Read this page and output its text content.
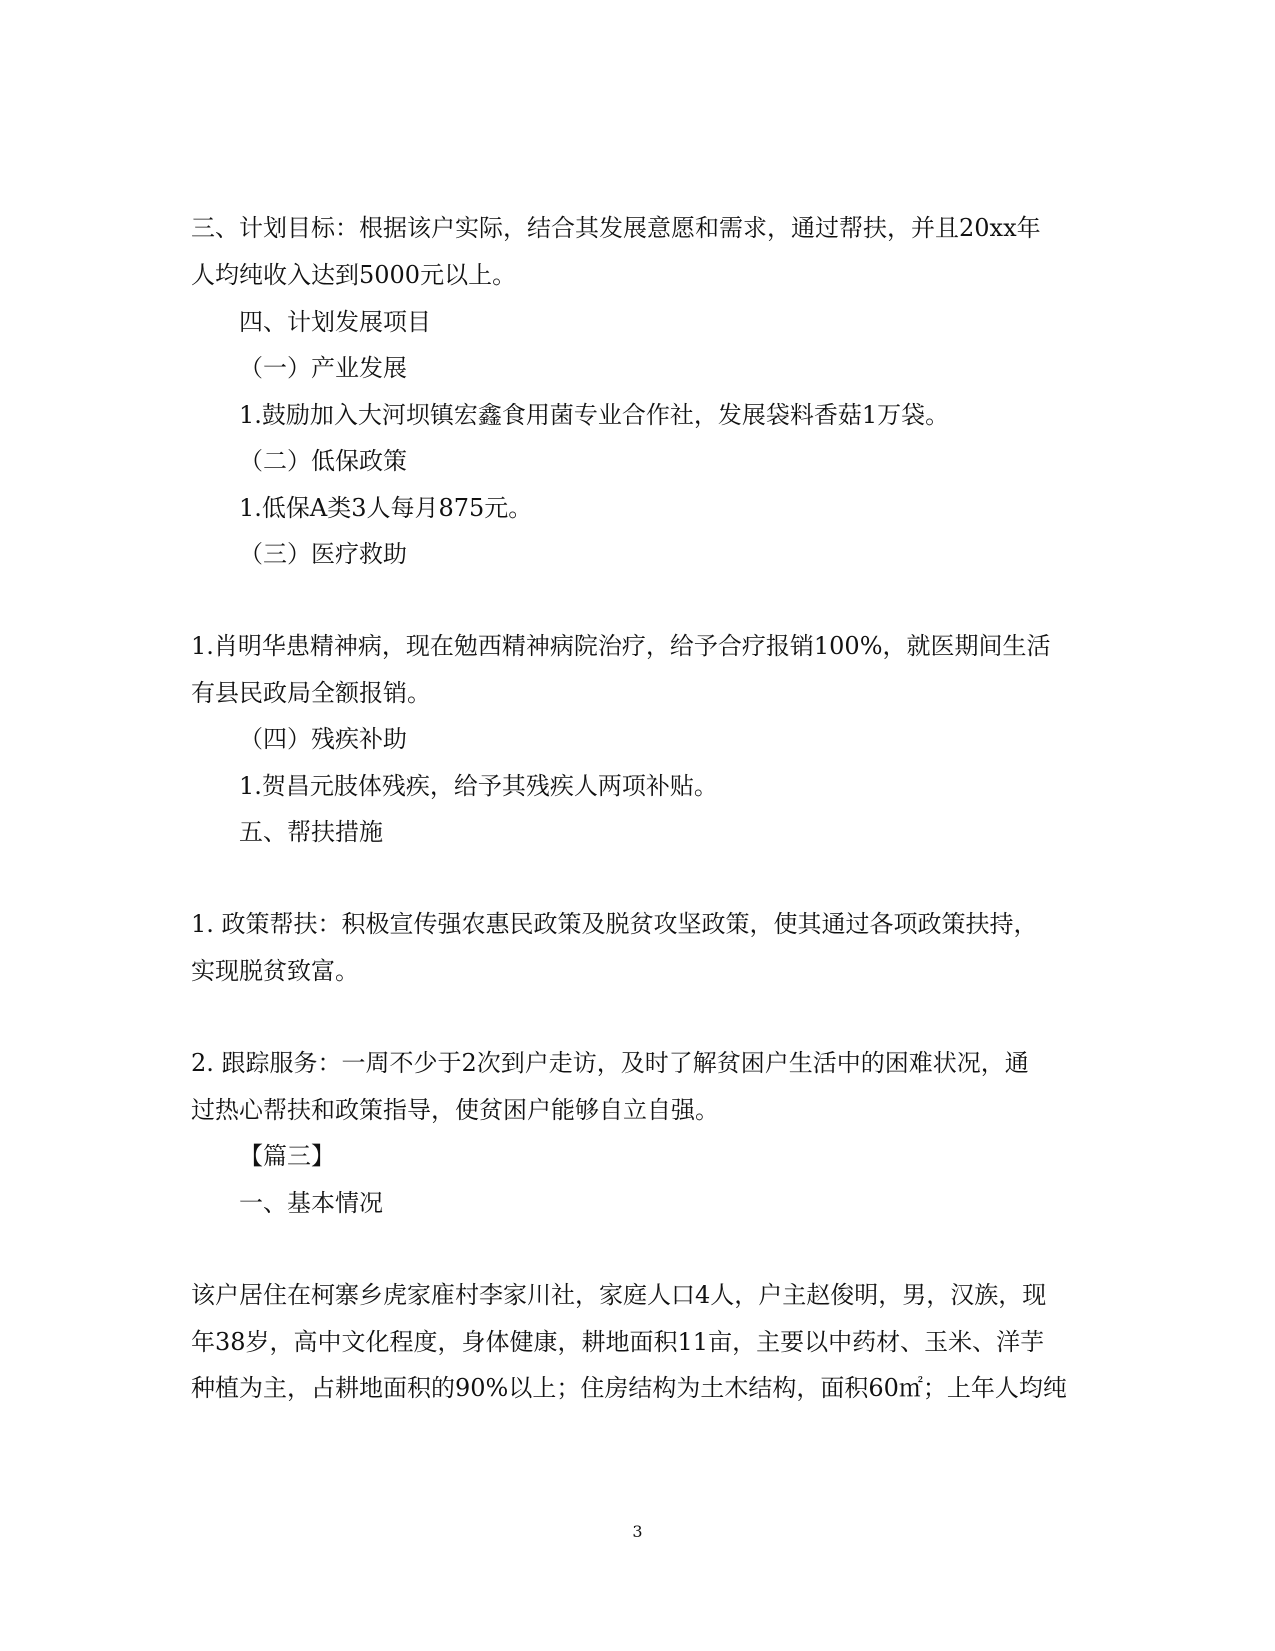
三、计划目标：根据该户实际，结合其发展意愿和需求，通过帮扶，并且20xx年
人均纯收入达到5000元以上。
四、计划发展项目
（一）产业发展
1.鼓励加入大河坝镇宏鑫食用菌专业合作社，发展袋料香菇1万袋。
（二）低保政策
1.低保A类3人每月875元。
（三）医疗救助
1.肖明华患精神病，现在勉西精神病院治疗，给予合疗报销100%，就医期间生活
有县民政局全额报销。
（四）残疾补助
1.贺昌元肢体残疾，给予其残疾人两项补贴。
五、帮扶措施
1. 政策帮扶：积极宣传强农惠民政策及脱贫攻坚政策，使其通过各项政策扶持，
实现脱贫致富。
2. 跟踪服务：一周不少于2次到户走访，及时了解贫困户生活中的困难状况，通
过热心帮扶和政策指导，使贫困户能够自立自强。
【篇三】
一、基本情况
该户居住在柯寨乡虎家㢈村李家川社，家庭人口4人，户主赵俊明，男，汉族，现
年38岁，高中文化程度，身体健康，耕地面积11亩，主要以中药材、玉米、洋芋
种植为主，占耕地面积的90%以上；住房结构为土木结构，面积60㎡；上年人均纯
3
